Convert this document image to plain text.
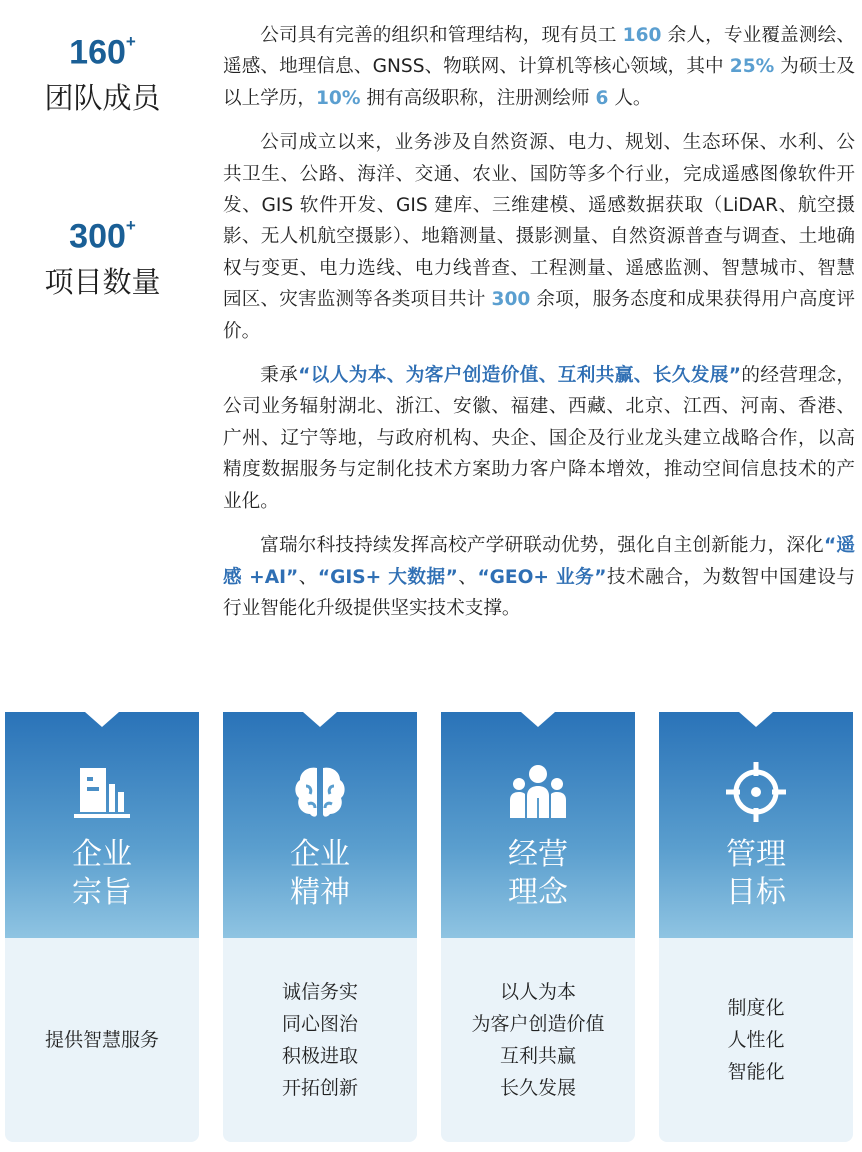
160+
团队成员
300+
项目数量

公司具有完善的组织和管理结构，现有员工 160 余人，专业覆盖测绘、遥感、地理信息、GNSS、物联网、计算机等核心领域，其中 25% 为硕士及以上学历，10% 拥有高级职称，注册测绘师 6 人。

公司成立以来，业务涉及自然资源、电力、规划、生态环保、水利、公共卫生、公路、海洋、交通、农业、国防等多个行业，完成遥感图像软件开发、GIS 软件开发、GIS 建库、三维建模、遥感数据获取（LiDAR、航空摄影、无人机航空摄影）、地籍测量、摄影测量、自然资源普查与调查、土地确权与变更、电力选线、电力线普查、工程测量、遥感监测、智慧城市、智慧园区、灾害监测等各类项目共计 300 余项，服务态度和成果获得用户高度评价。

秉承“以人为本、为客户创造价值、互利共赢、长久发展”的经营理念，公司业务辐射湖北、浙江、安徽、福建、西藏、北京、江西、河南、香港、广州、辽宁等地，与政府机构、央企、国企及行业龙头建立战略合作，以高精度数据服务与定制化技术方案助力客户降本增效，推动空间信息技术的产业化。

富瑞尔科技持续发挥高校产学研联动优势，强化自主创新能力，深化“遥感 +AI”、“GIS+ 大数据”、“GEO+ 业务”技术融合，为数智中国建设与行业智能化升级提供坚实技术支撑。

企业
宗旨
提供智慧服务
企业
精神
诚信务实
同心图治
积极进取
开拓创新
经营
理念
以人为本
为客户创造价值
互利共赢
长久发展
管理
目标
制度化
人性化
智能化
